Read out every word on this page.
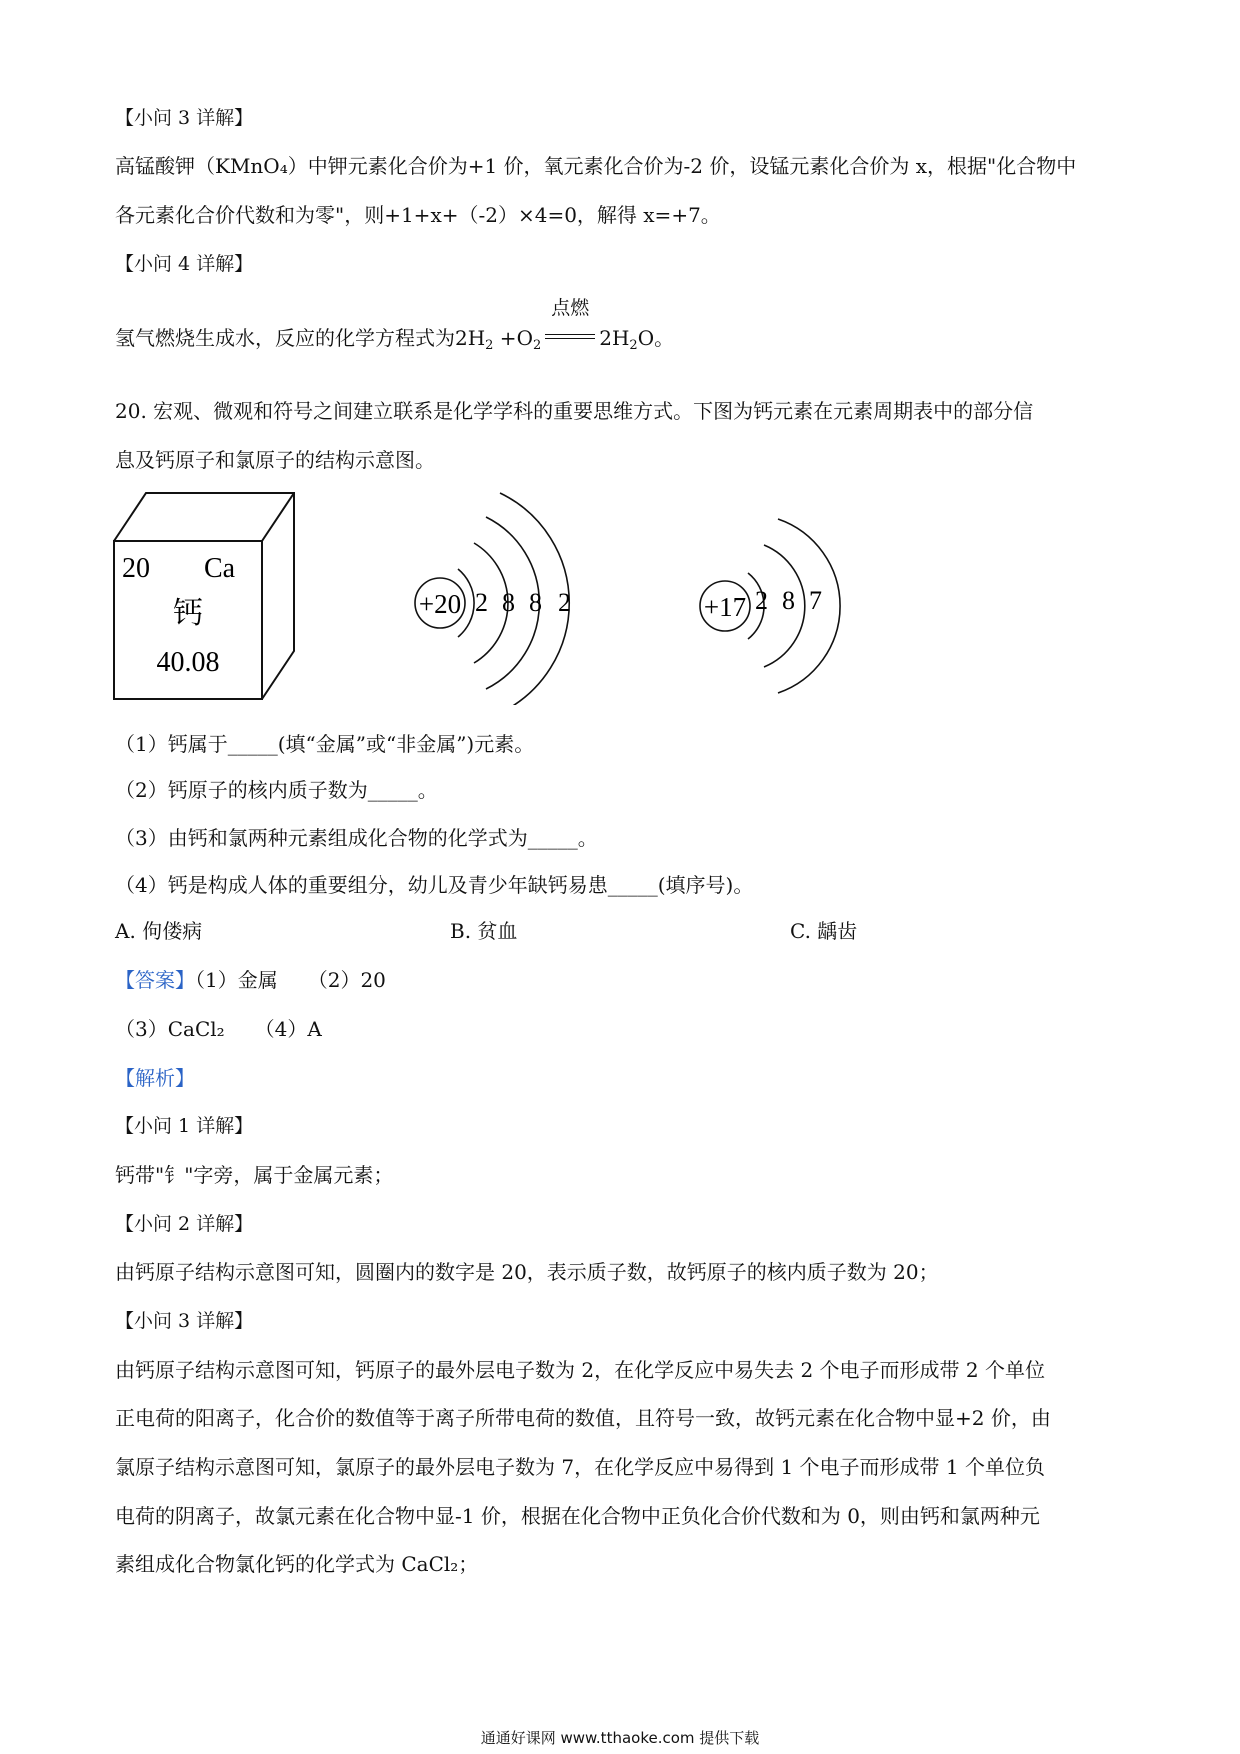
【小问 3 详解】
高锰酸钾（KMnO₄）中钾元素化合价为+1 价，氧元素化合价为-2 价，设锰元素化合价为 x，根据"化合物中
各元素化合价代数和为零"，则+1+x+（-2）×4=0，解得 x=+7。
【小问 4 详解】
氢气燃烧生成水，反应的化学方程式为$2H_2 +O_2$
点燃
$2H_2O$。
20. 宏观、微观和符号之间建立联系是化学学科的重要思维方式。下图为钙元素在元素周期表中的部分信
息及钙原子和氯原子的结构示意图。
20 Ca
钙
40.08
+20 2 8 8 2	+17 2 8 7
（1）钙属于_____(填“金属”或“非金属”)元素。
（2）钙原子的核内质子数为_____。
（3）由钙和氯两种元素组成化合物的化学式为_____。
（4）钙是构成人体的重要组分，幼儿及青少年缺钙易患_____(填序号)。
A. 佝偻病	B. 贫血	C. 龋齿
【答案】（1）金属　　（2）20
（3）CaCl₂　　（4）A
【解析】
【小问 1 详解】
钙带"钅"字旁，属于金属元素；
【小问 2 详解】
由钙原子结构示意图可知，圆圈内的数字是 20，表示质子数，故钙原子的核内质子数为 20；
【小问 3 详解】
由钙原子结构示意图可知，钙原子的最外层电子数为 2，在化学反应中易失去 2 个电子而形成带 2 个单位
正电荷的阳离子，化合价的数值等于离子所带电荷的数值，且符号一致，故钙元素在化合物中显+2 价，由
氯原子结构示意图可知，氯原子的最外层电子数为 7，在化学反应中易得到 1 个电子而形成带 1 个单位负
电荷的阴离子，故氯元素在化合物中显-1 价，根据在化合物中正负化合价代数和为 0，则由钙和氯两种元
素组成化合物氯化钙的化学式为 CaCl₂；
通通好课网 www.tthaoke.com 提供下载
